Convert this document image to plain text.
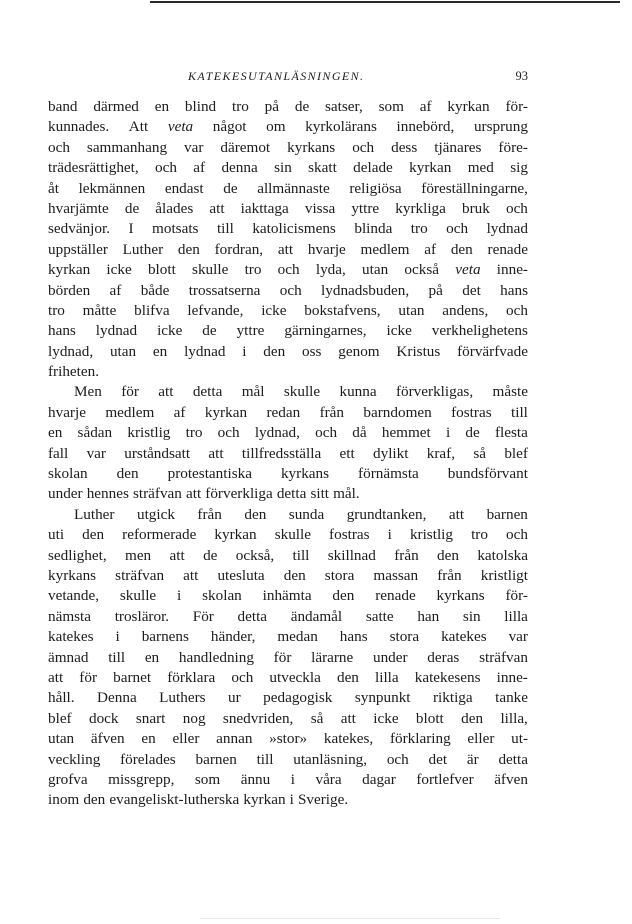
KATEKESUTANLÄSNINGEN.	93
band därmed en blind tro på de satser, som af kyrkan för-
kunnades. Att veta något om kyrkolärans innebörd, ursprung
och sammanhang var däremot kyrkans och dess tjänares före-
trädesrättighet, och af denna sin skatt delade kyrkan med sig
åt lekmännen endast de allmännaste religiösa föreställningarne,
hvarjämte de ålades att iakttaga vissa yttre kyrkliga bruk och
sedvänjor. I motsats till katolicismens blinda tro och lydnad
uppställer Luther den fordran, att hvarje medlem af den renade
kyrkan icke blott skulle tro och lyda, utan också veta inne-
börden af både trossatserna och lydnadsbuden, på det hans
tro måtte blifva lefvande, icke bokstafvens, utan andens, och
hans lydnad icke de yttre gärningarnes, icke verkhelighetens
lydnad, utan en lydnad i den oss genom Kristus förvärfvade
friheten.
Men för att detta mål skulle kunna förverkligas, måste
hvarje medlem af kyrkan redan från barndomen fostras till
en sådan kristlig tro och lydnad, och då hemmet i de flesta
fall var urståndsatt att tillfredsställa ett dylikt kraf, så blef
skolan den protestantiska kyrkans förnämsta bundsförvant
under hennes sträfvan att förverkliga detta sitt mål.
Luther utgick från den sunda grundtanken, att barnen
uti den reformerade kyrkan skulle fostras i kristlig tro och
sedlighet, men att de också, till skillnad från den katolska
kyrkans sträfvan att utesluta den stora massan från kristligt
vetande, skulle i skolan inhämta den renade kyrkans för-
nämsta trosläror. För detta ändamål satte han sin lilla
katekes i barnens händer, medan hans stora katekes var
ämnad till en handledning för lärarne under deras sträfvan
att för barnet förklara och utveckla den lilla katekesens inne-
håll. Denna Luthers ur pedagogisk synpunkt riktiga tanke
blef dock snart nog snedvriden, så att icke blott den lilla,
utan äfven en eller annan »stor» katekes, förklaring eller ut-
veckling förelades barnen till utanläsning, och det är detta
grofva missgrepp, som ännu i våra dagar fortlefver äfven
inom den evangeliskt-lutherska kyrkan i Sverige.
